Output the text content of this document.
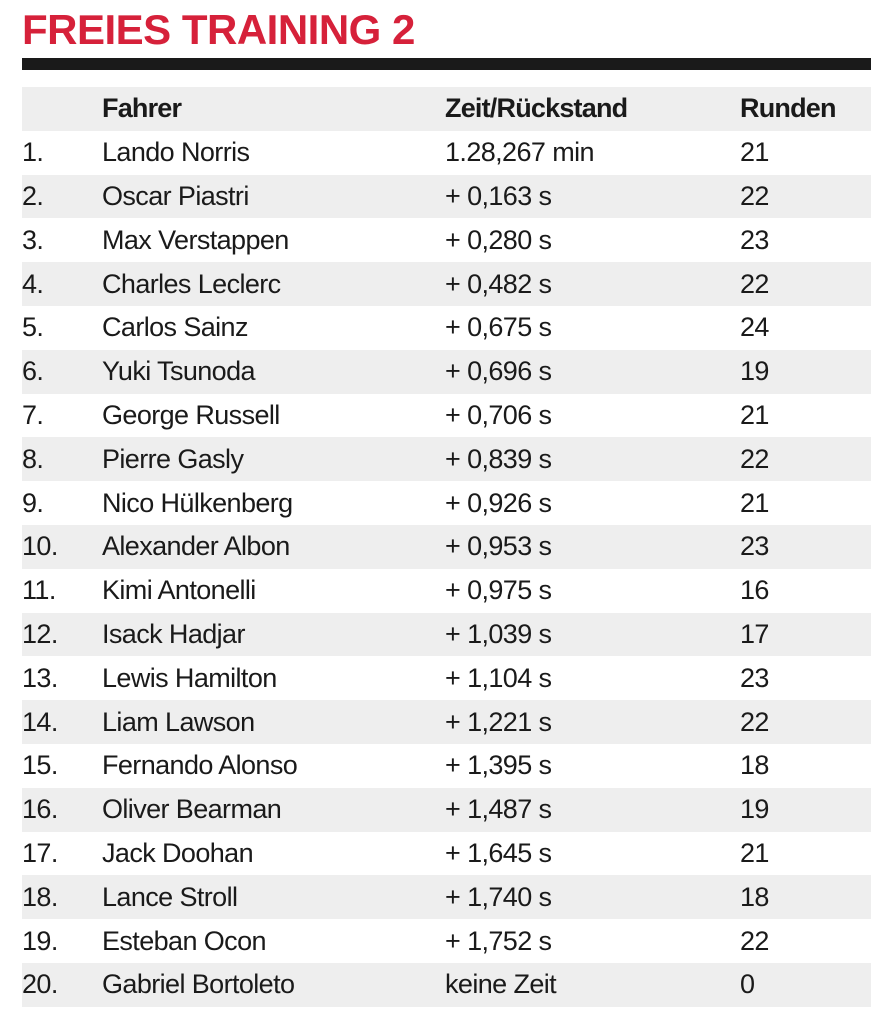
FREIES TRAINING 2
	Fahrer	Zeit/Rückstand	Runden
1.	Lando Norris	1.28,267 min	21
2.	Oscar Piastri	+ 0,163 s	22
3.	Max Verstappen	+ 0,280 s	23
4.	Charles Leclerc	+ 0,482 s	22
5.	Carlos Sainz	+ 0,675 s	24
6.	Yuki Tsunoda	+ 0,696 s	19
7.	George Russell	+ 0,706 s	21
8.	Pierre Gasly	+ 0,839 s	22
9.	Nico Hülkenberg	+ 0,926 s	21
10.	Alexander Albon	+ 0,953 s	23
11.	Kimi Antonelli	+ 0,975 s	16
12.	Isack Hadjar	+ 1,039 s	17
13.	Lewis Hamilton	+ 1,104 s	23
14.	Liam Lawson	+ 1,221 s	22
15.	Fernando Alonso	+ 1,395 s	18
16.	Oliver Bearman	+ 1,487 s	19
17.	Jack Doohan	+ 1,645 s	21
18.	Lance Stroll	+ 1,740 s	18
19.	Esteban Ocon	+ 1,752 s	22
20.	Gabriel Bortoleto	keine Zeit	0
